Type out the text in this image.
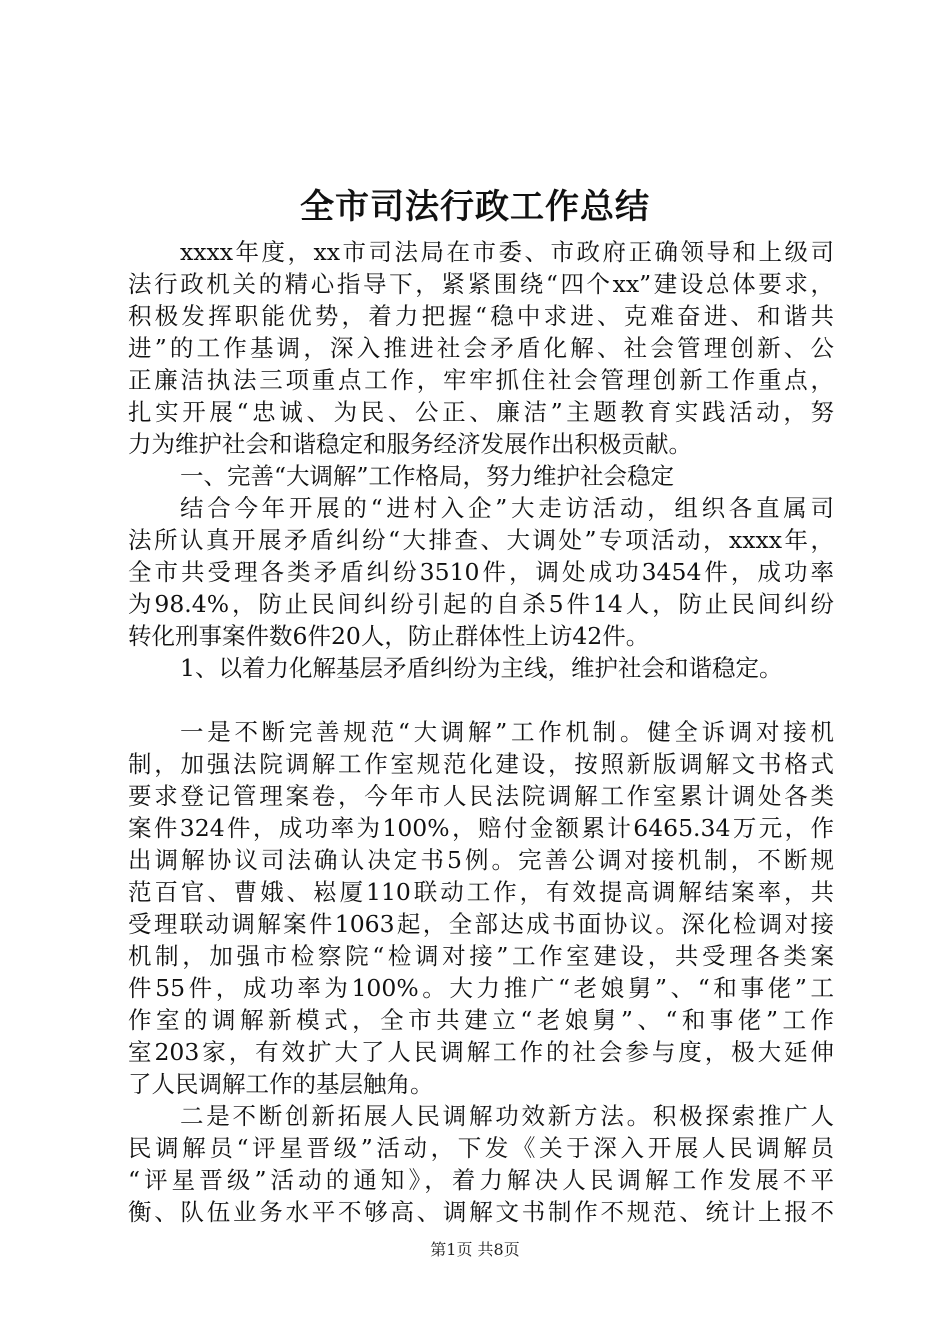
全市司法行政工作总结
xxxx年度，xx市司法局在市委、市政府正确领导和上级司
法行政机关的精心指导下，紧紧围绕“四个xx”建设总体要求，
积极发挥职能优势，着力把握“稳中求进、克难奋进、和谐共
进”的工作基调，深入推进社会矛盾化解、社会管理创新、公
正廉洁执法三项重点工作，牢牢抓住社会管理创新工作重点，
扎实开展“忠诚、为民、公正、廉洁”主题教育实践活动，努
力为维护社会和谐稳定和服务经济发展作出积极贡献。
一、完善“大调解”工作格局，努力维护社会稳定
结合今年开展的“进村入企”大走访活动，组织各直属司
法所认真开展矛盾纠纷“大排查、大调处”专项活动，xxxx年，
全市共受理各类矛盾纠纷3510件，调处成功3454件，成功率
为98.4%，防止民间纠纷引起的自杀5件14人，防止民间纠纷
转化刑事案件数6件20人，防止群体性上访42件。
1、以着力化解基层矛盾纠纷为主线，维护社会和谐稳定。
一是不断完善规范“大调解”工作机制。健全诉调对接机
制，加强法院调解工作室规范化建设，按照新版调解文书格式
要求登记管理案卷，今年市人民法院调解工作室累计调处各类
案件324件，成功率为100%，赔付金额累计6465.34万元，作
出调解协议司法确认决定书5例。完善公调对接机制，不断规
范百官、曹娥、崧厦110联动工作，有效提高调解结案率，共
受理联动调解案件1063起，全部达成书面协议。深化检调对接
机制，加强市检察院“检调对接”工作室建设，共受理各类案
件55件，成功率为100%。大力推广“老娘舅”、“和事佬”工
作室的调解新模式，全市共建立“老娘舅”、“和事佬”工作
室203家，有效扩大了人民调解工作的社会参与度，极大延伸
了人民调解工作的基层触角。
二是不断创新拓展人民调解功效新方法。积极探索推广人
民调解员“评星晋级”活动，下发《关于深入开展人民调解员
“评星晋级”活动的通知》，着力解决人民调解工作发展不平
衡、队伍业务水平不够高、调解文书制作不规范、统计上报不
第1页 共8页
